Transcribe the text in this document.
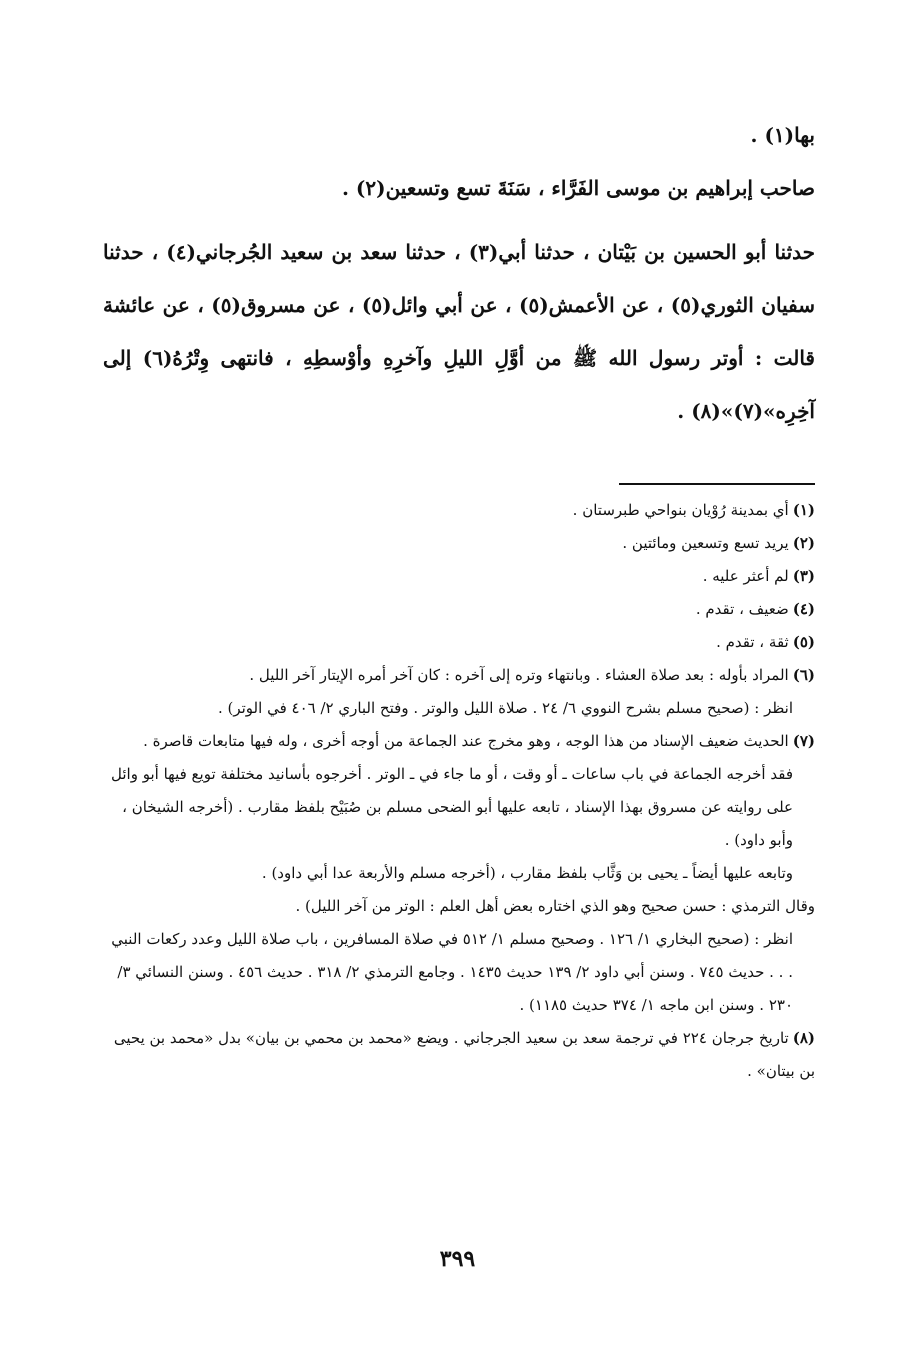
بها(١) .

صاحب إبراهيم بن موسى الفَرَّاء ، سَنَةَ تسع وتسعين(٢) .

حدثنا أبو الحسين بن بَيْتان ، حدثنا أبي(٣) ، حدثنا سعد بن سعيد الجُرجاني(٤) ، حدثنا سفيان الثوري(٥) ، عن الأعمش(٥) ، عن أبي وائل(٥) ، عن مسروق(٥) ، عن عائشة قالت : أوتر رسول الله ﷺ من أوَّلِ الليلِ وآخرِهِ وأوْسطِهِ ، فانتهى وِتْرُهُ(٦) إلى آخِرِه»(٧)»(٨) .

(١)أي بمدينة رُوْيان بنواحي طبرستان .

(٢)يريد تسع وتسعين ومائتين .

(٣)لم أعثر عليه .

(٤)ضعيف ، تقدم .

(٥)ثقة ، تقدم .

(٦)المراد بأوله : بعد صلاة العشاء . وبانتهاء وتره إلى آخره : كان آخر أمره الإيتار آخر الليل .

انظر : (صحيح مسلم بشرح النووي ٦/ ٢٤ . صلاة الليل والوتر . وفتح الباري ٢/ ٤٠٦ في الوتر) .

(٧)الحديث ضعيف الإسناد من هذا الوجه ، وهو مخرج عند الجماعة من أوجه أخرى ، وله فيها متابعات قاصرة .

فقد أخرجه الجماعة في باب ساعات ـ أو وقت ، أو ما جاء في ـ الوتر . أخرجوه بأسانيد مختلفة تويع فيها أبو وائل على روايته عن مسروق بهذا الإسناد ، تابعه عليها أبو الضحى مسلم بن صُبَيْح بلفظ مقارب . (أخرجه الشيخان ، وأبو داود) .

وتابعه عليها أيضاً ـ يحيى بن وَثَّاب بلفظ مقارب ، (أخرجه مسلم والأربعة عدا أبي داود) .

وقال الترمذي : حسن صحيح وهو الذي اختاره بعض أهل العلم : الوتر من آخر الليل) .

انظر : (صحيح البخاري ١/ ١٢٦ . وصحيح مسلم ١/ ٥١٢ في صلاة المسافرين ، باب صلاة الليل وعدد ركعات النبي . . . حديث ٧٤٥ . وسنن أبي داود ٢/ ١٣٩ حديث ١٤٣٥ . وجامع الترمذي ٢/ ٣١٨ . حديث ٤٥٦ . وسنن النسائي ٣/ ٢٣٠ . وسنن ابن ماجه ١/ ٣٧٤ حديث ١١٨٥) .

(٨)تاريخ جرجان ٢٢٤ في ترجمة سعد بن سعيد الجرجاني . ويضع «محمد بن محمي بن بيان» بدل «محمد بن يحيى بن بيتان» .

٣٩٩
